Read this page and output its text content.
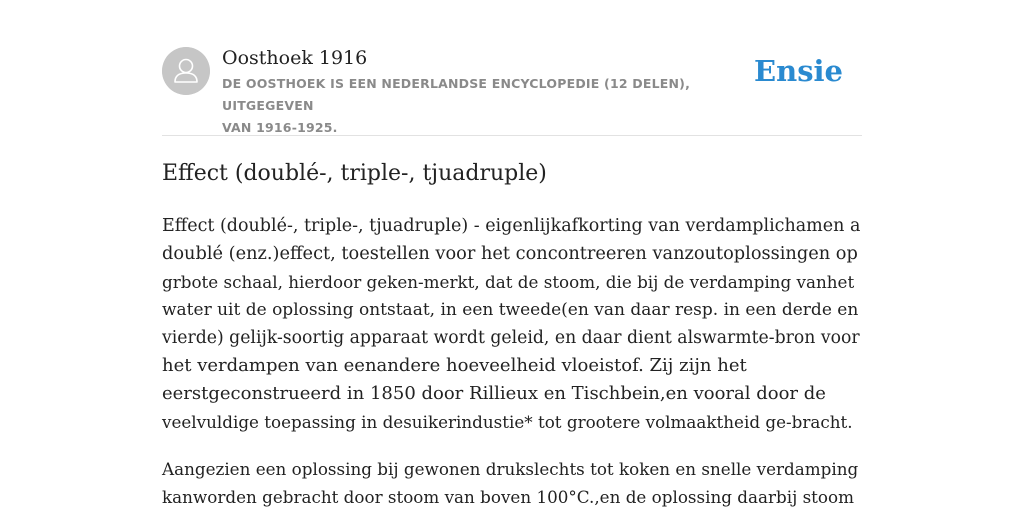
Oosthoek 1916
DE OOSTHOEK IS EEN NEDERLANDSE ENCYCLOPEDIE (12 DELEN), UITGEGEVEN
VAN 1916-1925.
Ensie
Effect (doublé-, triple-, tjuadruple)
Effect (doublé-, triple-, tjuadruple) - eigenlijkafkorting van verdamplichamen a
doublé (enz.)effect, toestellen voor het concontreeren vanzoutoplossingen op
grbote schaal, hierdoor geken-merkt, dat de stoom, die bij de verdamping vanhet
water uit de oplossing ontstaat, in een tweede(en van daar resp. in een derde en
vierde) gelijk-soortig apparaat wordt geleid, en daar dient alswarmte-bron voor
het verdampen van eenandere hoeveelheid vloeistof. Zij zijn het
eerstgeconstrueerd in 1850 door Rillieux en Tischbein,en vooral door de
veelvuldige toepassing in desuikerindustie* tot grootere volmaaktheid ge-bracht.
Aangezien een oplossing bij gewonen drukslechts tot koken en snelle verdamping
kanworden gebracht door stoom van boven 100°C.,en de oplossing daarbij stoom
